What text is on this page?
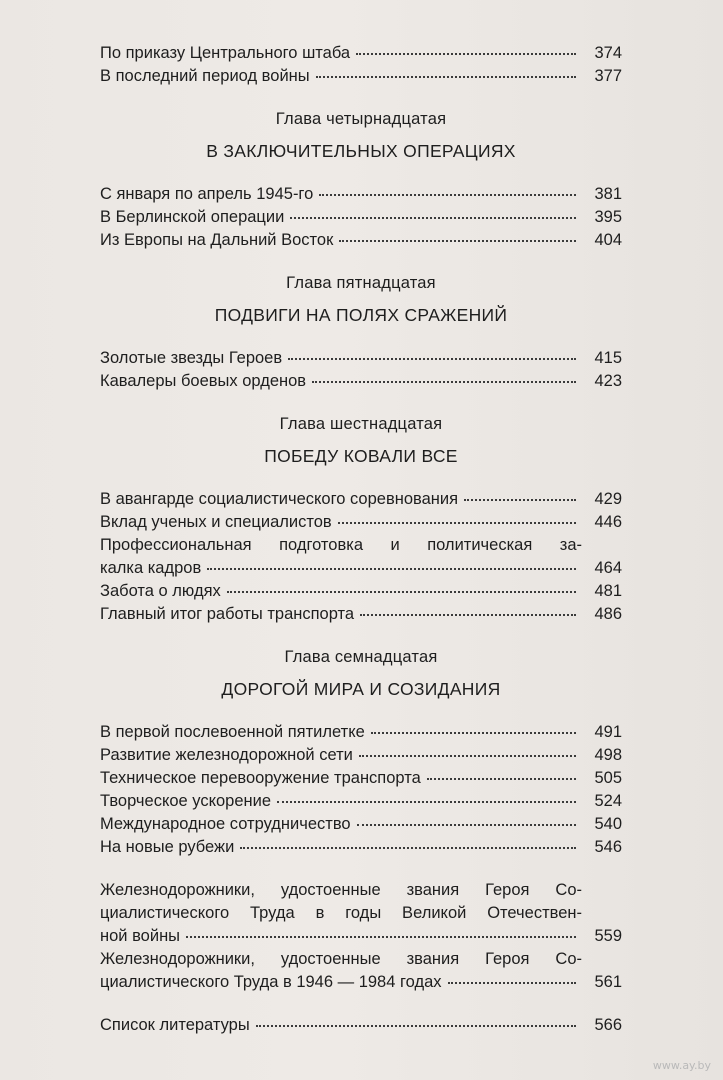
По приказу Центрального штаба	374
В последний период войны	377
Глава четырнадцатая
В ЗАКЛЮЧИТЕЛЬНЫХ ОПЕРАЦИЯХ
С января по апрель 1945-го	381
В Берлинской операции	395
Из Европы на Дальний Восток	404
Глава пятнадцатая
ПОДВИГИ НА ПОЛЯХ СРАЖЕНИЙ
Золотые звезды Героев	415
Кавалеры боевых орденов	423
Глава шестнадцатая
ПОБЕДУ КОВАЛИ ВСЕ
В авангарде социалистического соревнования	429
Вклад ученых и специалистов	446
Профессиональная подготовка и политическая за-
калка кадров	464
Забота о людях	481
Главный итог работы транспорта	486
Глава семнадцатая
ДОРОГОЙ МИРА И СОЗИДАНИЯ
В первой послевоенной пятилетке	491
Развитие железнодорожной сети	498
Техническое перевооружение транспорта	505
Творческое ускорение	524
Международное сотрудничество	540
На новые рубежи	546
Железнодорожники, удостоенные звания Героя Со-
циалистического Труда в годы Великой Отечествен-
ной войны	559
Железнодорожники, удостоенные звания Героя Со-
циалистического Труда в 1946 — 1984 годах	561
Список литературы	566
www.ay.by
